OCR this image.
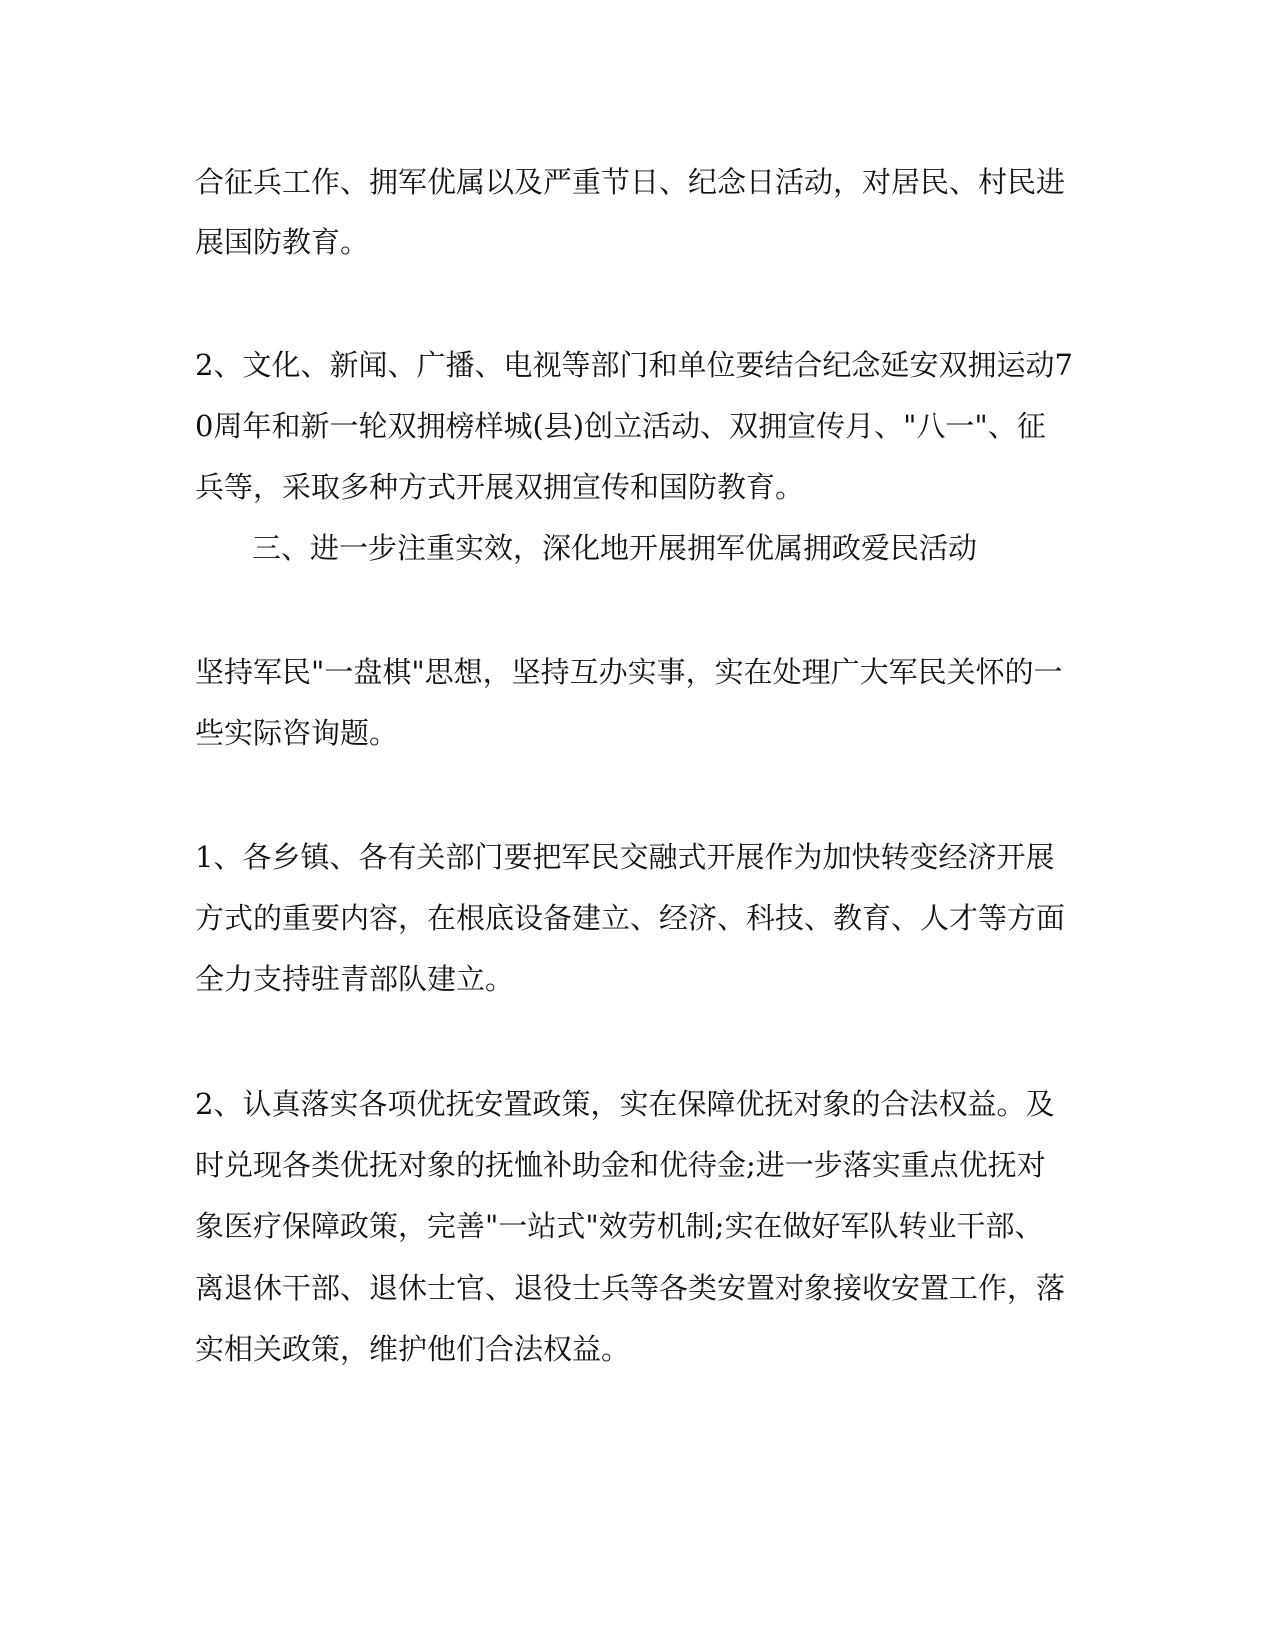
合征兵工作、拥军优属以及严重节日、纪念日活动，对居民、村民进

展国防教育。

2、文化、新闻、广播、电视等部门和单位要结合纪念延安双拥运动7

0周年和新一轮双拥榜样城(县)创立活动、双拥宣传月、"八一"、征

兵等，采取多种方式开展双拥宣传和国防教育。

三、进一步注重实效，深化地开展拥军优属拥政爱民活动

坚持军民"一盘棋"思想，坚持互办实事，实在处理广大军民关怀的一

些实际咨询题。

1、各乡镇、各有关部门要把军民交融式开展作为加快转变经济开展

方式的重要内容，在根底设备建立、经济、科技、教育、人才等方面

全力支持驻青部队建立。

2、认真落实各项优抚安置政策，实在保障优抚对象的合法权益。及

时兑现各类优抚对象的抚恤补助金和优待金;进一步落实重点优抚对

象医疗保障政策，完善"一站式"效劳机制;实在做好军队转业干部、

离退休干部、退休士官、退役士兵等各类安置对象接收安置工作，落

实相关政策，维护他们合法权益。
